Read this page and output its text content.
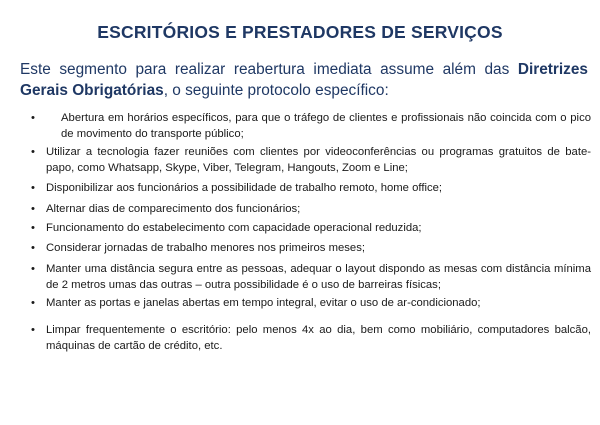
ESCRITÓRIOS E PRESTADORES DE SERVIÇOS
Este segmento para realizar reabertura imediata assume além das Diretrizes Gerais Obrigatórias, o seguinte protocolo específico:
•	Abertura em horários específicos, para que o tráfego de clientes e profissionais não coincida com o pico de movimento do transporte público;
• Utilizar a tecnologia fazer reuniões com clientes por videoconferências ou programas gratuitos de bate-papo, como Whatsapp, Skype, Viber, Telegram, Hangouts, Zoom e Line;
• Disponibilizar aos funcionários a possibilidade de trabalho remoto, home office;
• Alternar dias de comparecimento dos funcionários;
• Funcionamento do estabelecimento com capacidade operacional reduzida;
• Considerar jornadas de trabalho menores nos primeiros meses;
• Manter uma distância segura entre as pessoas, adequar o layout dispondo as mesas com distância mínima de 2 metros umas das outras – outra possibilidade é o uso de barreiras físicas;
• Manter as portas e janelas abertas em tempo integral, evitar o uso de ar-condicionado;
• Limpar frequentemente o escritório: pelo menos 4x ao dia, bem como mobiliário, computadores balcão, máquinas de cartão de crédito, etc.
